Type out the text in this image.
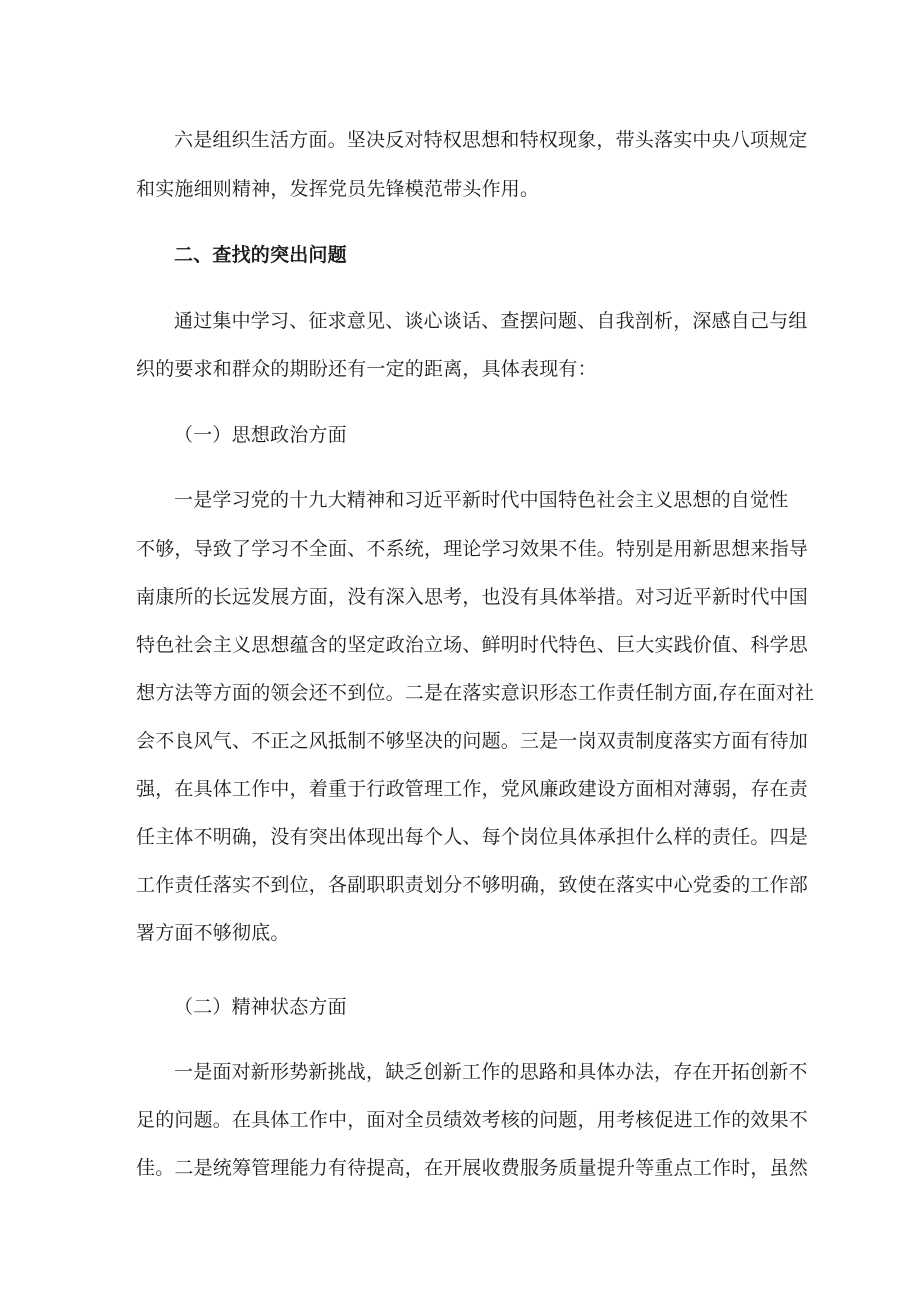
六是组织生活方面。坚决反对特权思想和特权现象，带头落实中央八项规定
和实施细则精神，发挥党员先锋模范带头作用。
二、查找的突出问题
通过集中学习、征求意见、谈心谈话、查摆问题、自我剖析，深感自己与组
织的要求和群众的期盼还有一定的距离，具体表现有：
（一）思想政治方面
一是学习党的十九大精神和习近平新时代中国特色社会主义思想的自觉性
不够，导致了学习不全面、不系统，理论学习效果不佳。特别是用新思想来指导
南康所的长远发展方面，没有深入思考，也没有具体举措。对习近平新时代中国
特色社会主义思想蕴含的坚定政治立场、鲜明时代特色、巨大实践价值、科学思
想方法等方面的领会还不到位。二是在落实意识形态工作责任制方面,存在面对社
会不良风气、不正之风抵制不够坚决的问题。三是一岗双责制度落实方面有待加
强，在具体工作中，着重于行政管理工作，党风廉政建设方面相对薄弱，存在责
任主体不明确，没有突出体现出每个人、每个岗位具体承担什么样的责任。四是
工作责任落实不到位，各副职职责划分不够明确，致使在落实中心党委的工作部
署方面不够彻底。
（二）精神状态方面
一是面对新形势新挑战，缺乏创新工作的思路和具体办法，存在开拓创新不
足的问题。在具体工作中，面对全员绩效考核的问题，用考核促进工作的效果不
佳。二是统筹管理能力有待提高，在开展收费服务质量提升等重点工作时，虽然
